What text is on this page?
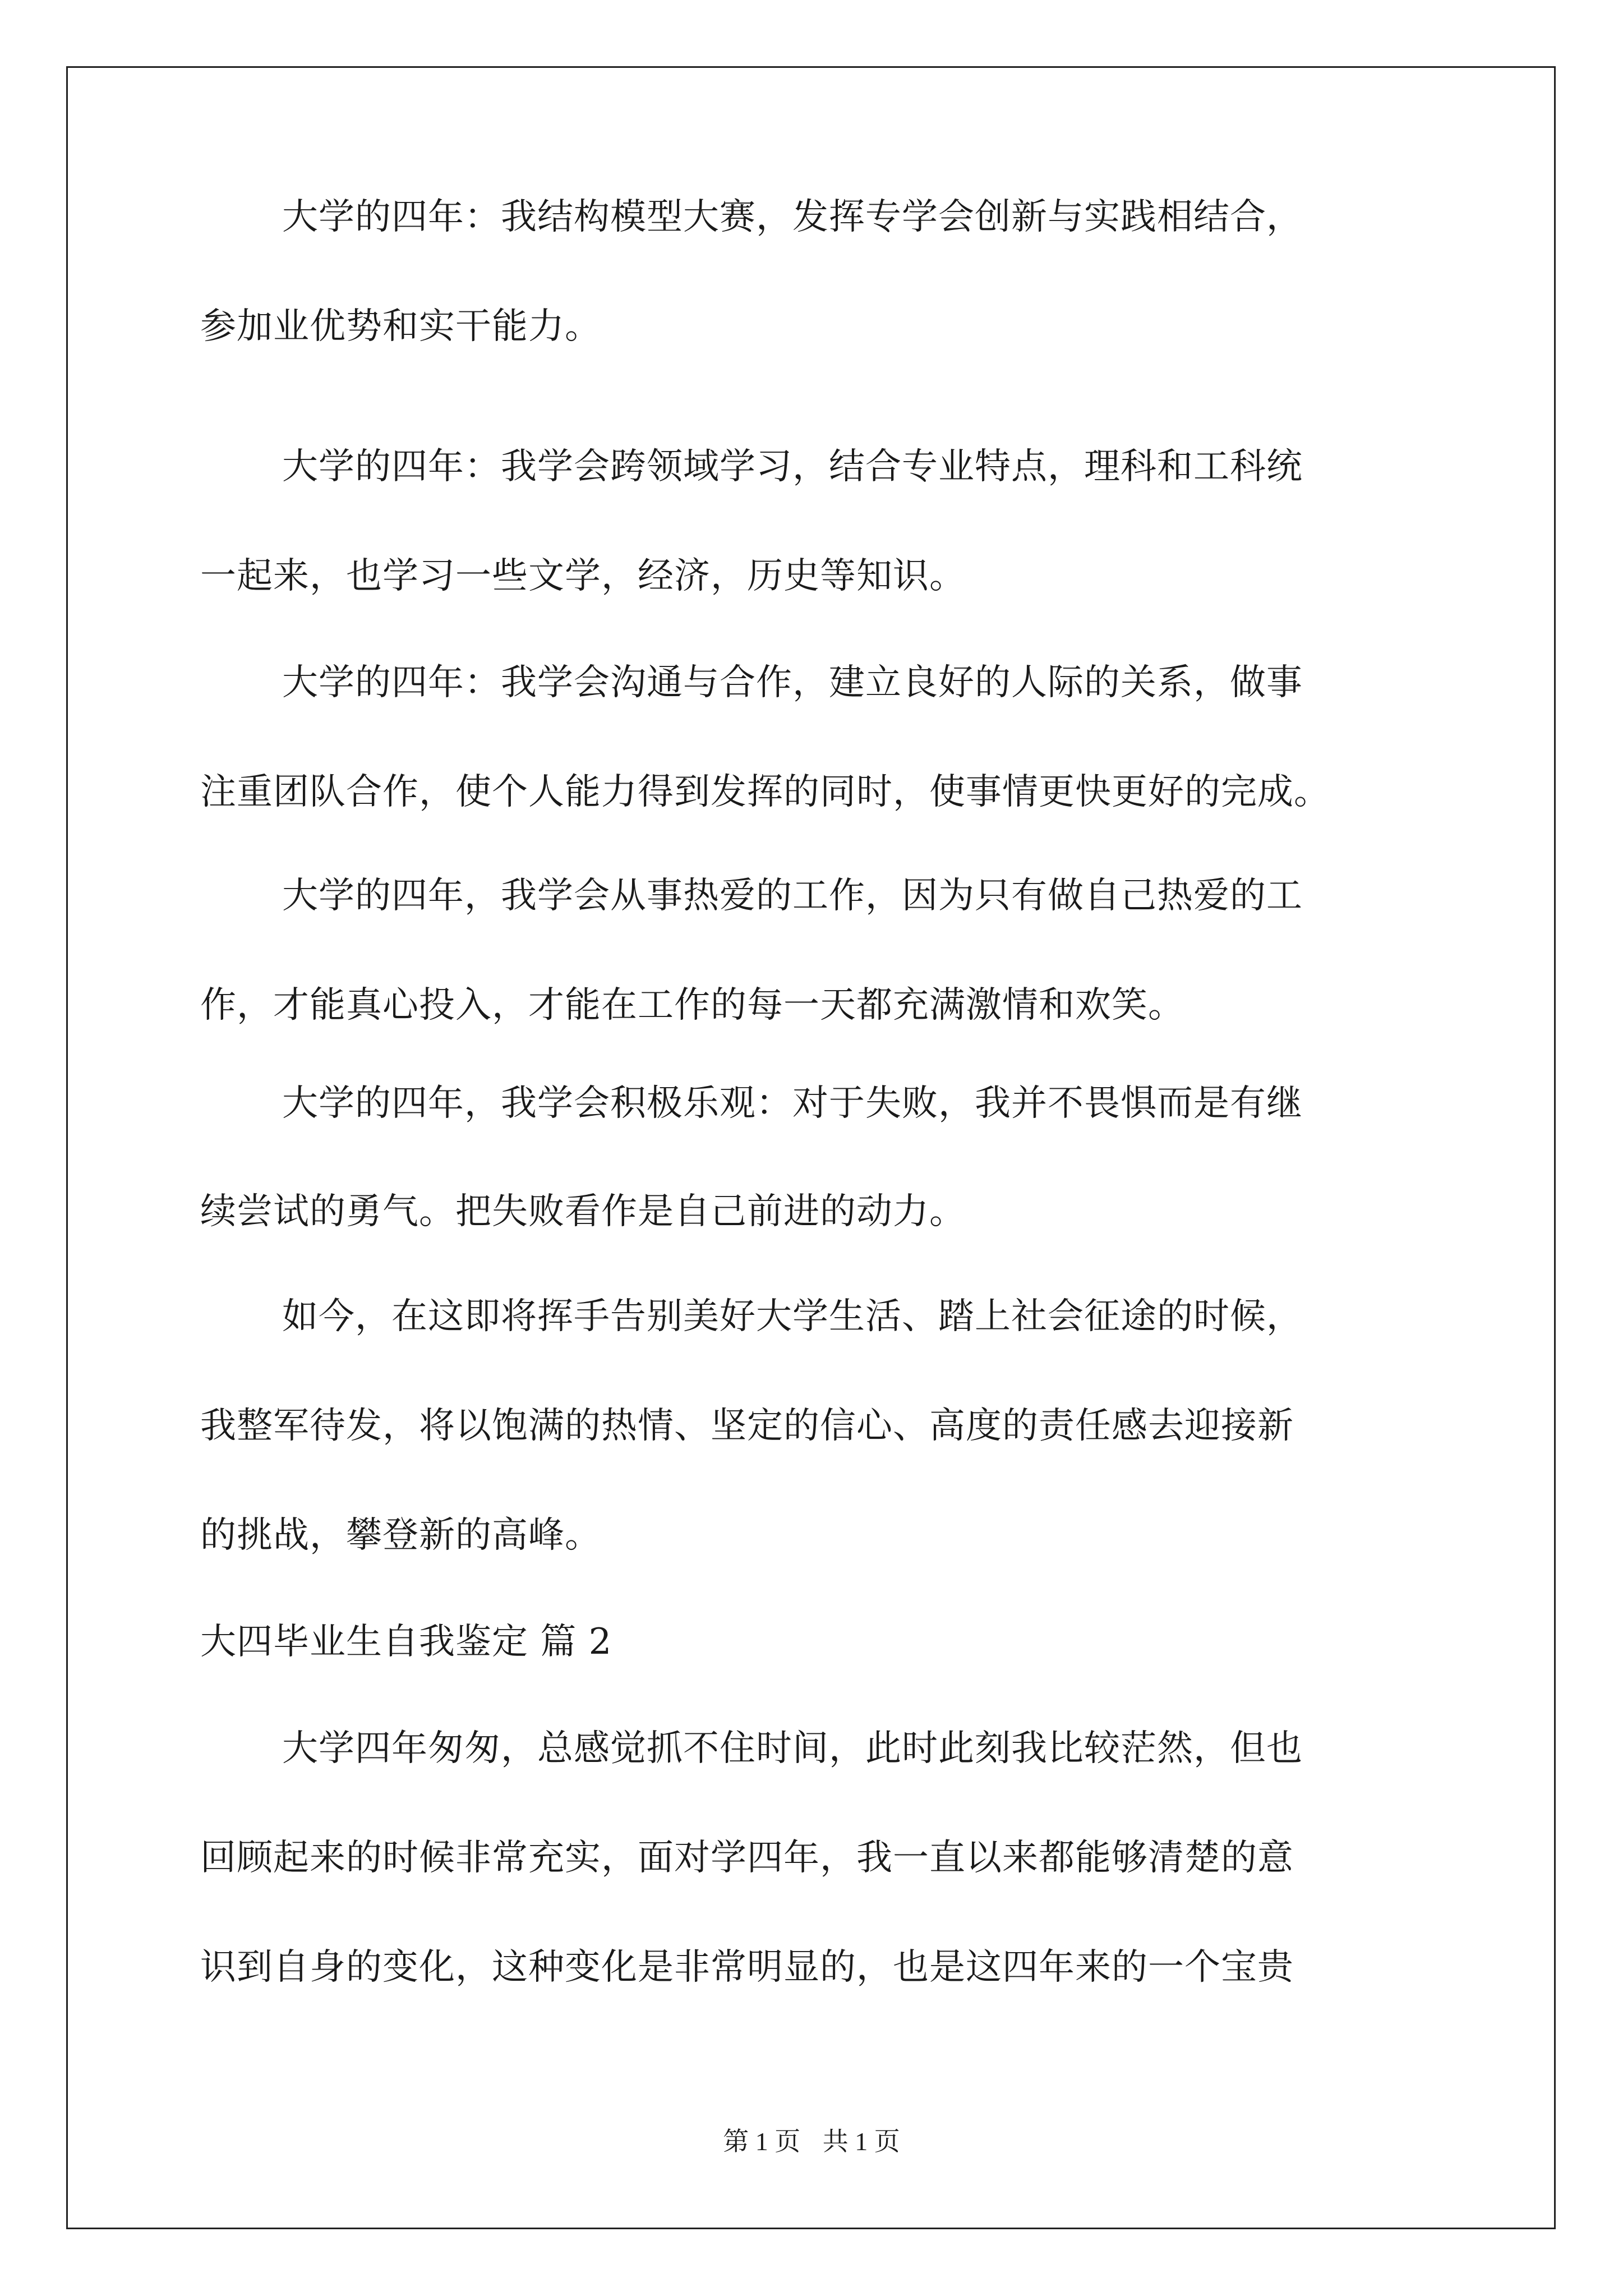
大学的四年：我结构模型大赛，发挥专学会创新与实践相结合，
参加业优势和实干能力。
大学的四年：我学会跨领域学习，结合专业特点，理科和工科统
一起来，也学习一些文学，经济，历史等知识。
大学的四年：我学会沟通与合作，建立良好的人际的关系，做事
注重团队合作，使个人能力得到发挥的同时，使事情更快更好的完成。
大学的四年，我学会从事热爱的工作，因为只有做自己热爱的工
作，才能真心投入，才能在工作的每一天都充满激情和欢笑。
大学的四年，我学会积极乐观：对于失败，我并不畏惧而是有继
续尝试的勇气。把失败看作是自己前进的动力。
如今，在这即将挥手告别美好大学生活、踏上社会征途的时候，
我整军待发，将以饱满的热情、坚定的信心、高度的责任感去迎接新
的挑战，攀登新的高峰。
大四毕业生自我鉴定 篇 2
大学四年匆匆，总感觉抓不住时间，此时此刻我比较茫然，但也
回顾起来的时候非常充实，面对学四年，我一直以来都能够清楚的意
识到自身的变化，这种变化是非常明显的，也是这四年来的一个宝贵
第 1 页 共 1 页
